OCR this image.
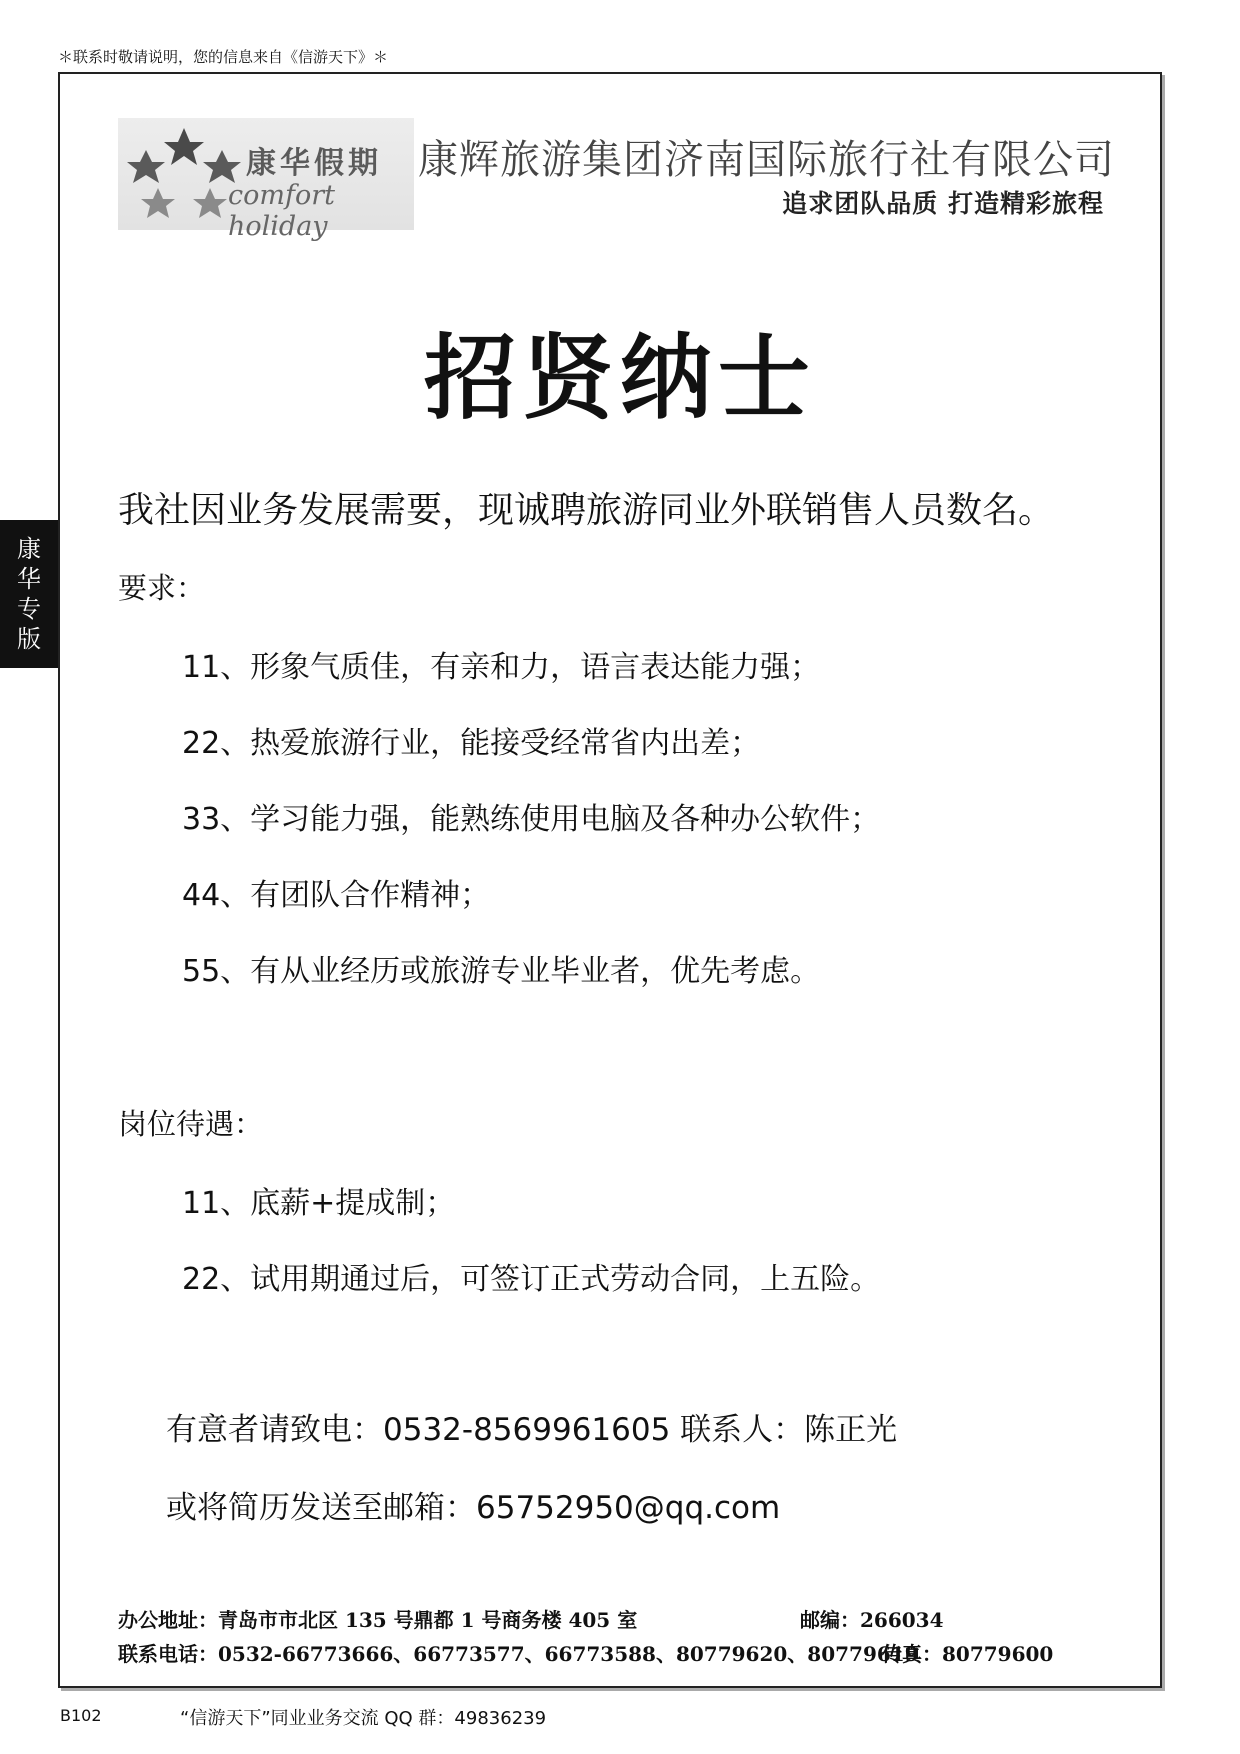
＊联系时敬请说明，您的信息来自《信游天下》＊
康华假期
comfort holiday
康辉旅游集团济南国际旅行社有限公司
追求团队品质 打造精彩旅程
康
华
专
版
招贤纳士
我社因业务发展需要，现诚聘旅游同业外联销售人员数名。
要求：
11、形象气质佳，有亲和力，语言表达能力强；
22、热爱旅游行业，能接受经常省内出差；
33、学习能力强，能熟练使用电脑及各种办公软件；
44、有团队合作精神；
55、有从业经历或旅游专业毕业者，优先考虑。
岗位待遇：
11、底薪+提成制；
22、试用期通过后，可签订正式劳动合同，上五险。
有意者请致电：0532-8569961605 联系人：陈正光
或将简历发送至邮箱：65752950@qq.com
办公地址：青岛市市北区 135 号鼎都 1 号商务楼 405 室	邮编：266034
联系电话：0532-66773666、66773577、66773588、80779620、80779619
传真：80779600
B102	“信游天下”同业业务交流 QQ 群：49836239
